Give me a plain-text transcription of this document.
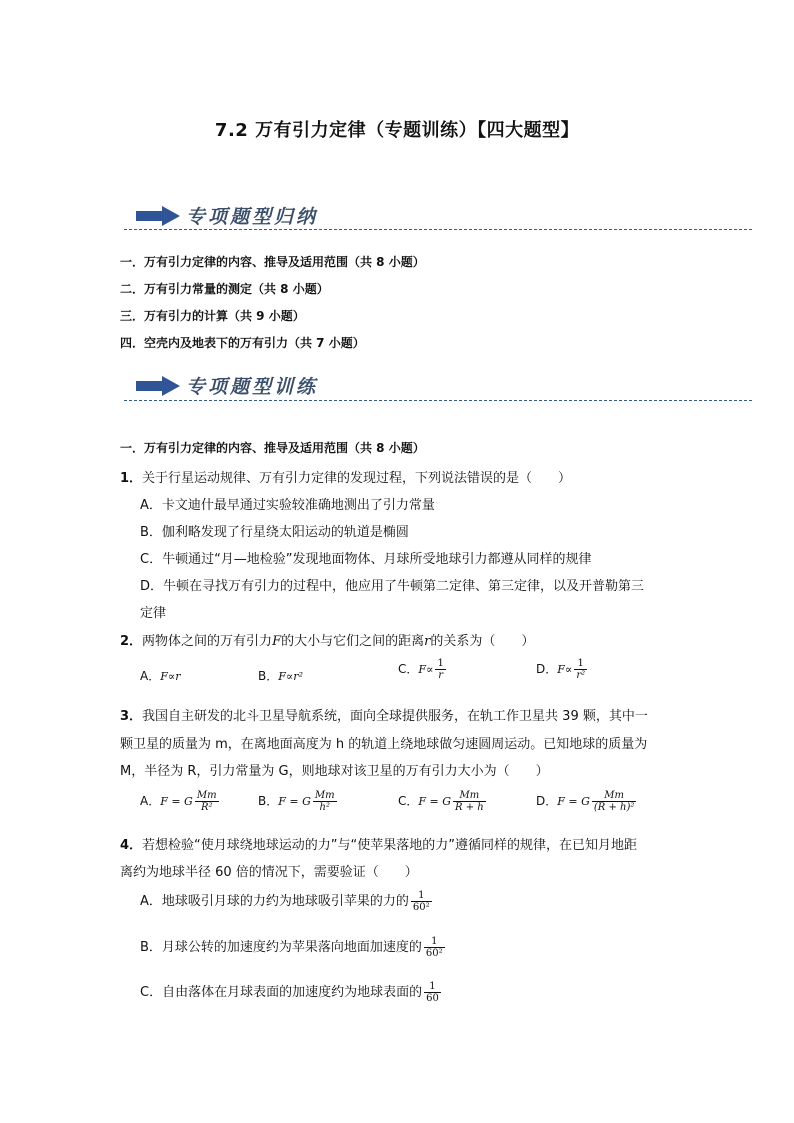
7.2 万有引力定律（专题训练）【四大题型】
专项题型归纳
一．万有引力定律的内容、推导及适用范围（共 8 小题）
二．万有引力常量的测定（共 8 小题）
三．万有引力的计算（共 9 小题）
四．空壳内及地表下的万有引力（共 7 小题）
专项题型训练
一．万有引力定律的内容、推导及适用范围（共 8 小题）
1．关于行星运动规律、万有引力定律的发现过程，下列说法错误的是（　　）
A．卡文迪什最早通过实验较准确地测出了引力常量
B．伽利略发现了行星绕太阳运动的轨道是椭圆
C．牛顿通过“月—地检验”发现地面物体、月球所受地球引力都遵从同样的规律
D．牛顿在寻找万有引力的过程中，他应用了牛顿第二定律、第三定律，以及开普勒第三
定律
2．两物体之间的万有引力F的大小与它们之间的距离r的关系为（　　）
A．F∝r	B．F∝r²
C．$F\propto \frac{1}{r}$	D．$F\propto \frac{1}{\text{r²}}$
3．我国自主研发的北斗卫星导航系统，面向全球提供服务，在轨工作卫星共 39 颗，其中一
颗卫星的质量为 m，在离地面高度为 h 的轨道上绕地球做匀速圆周运动。已知地球的质量为
M，半径为 R，引力常量为 G，则地球对该卫星的万有引力大小为（　　）
A．F = G $\frac{Mm}{\text{R²}}$	B．F = G $\frac{Mm}{\text{h²}}$	C．F = G $\frac{Mm}{R + h}$	D．F = G $\frac{Mm}{\text{(R + h)²}}$
4．若想检验“使月球绕地球运动的力”与“使苹果落地的力”遵循同样的规律，在已知月地距
离约为地球半径 60 倍的情况下，需要验证（　　）
A．地球吸引月球的力约为地球吸引苹果的力的 $\frac{1}{\text{60²}}$
B．月球公转的加速度约为苹果落向地面加速度的 $\frac{1}{\text{60²}}$
C．自由落体在月球表面的加速度约为地球表面的 $\frac{1}{60}$
